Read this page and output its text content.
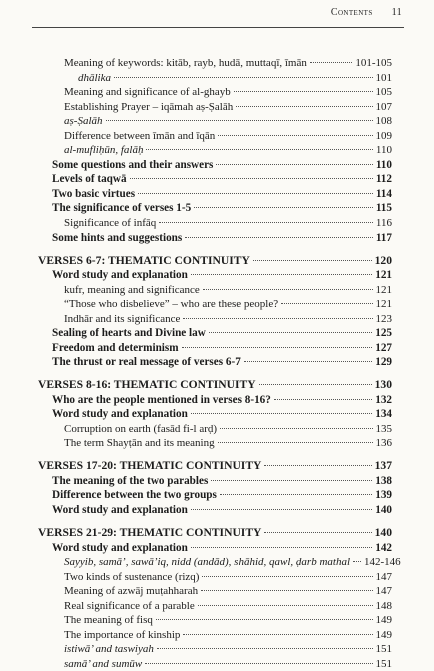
Contents 11
Meaning of keywords: kitāb, rayb, hudā, muttaqī, īmān	101-105
dhālika	101
Meaning and significance of al-ghayb	105
Establishing Prayer – iqāmah aṣ-Ṣalāh	107
aṣ-Ṣalāh	108
Difference between īmān and īqān	109
al-mufliḥūn, falāḥ	110
Some questions and their answers	110
Levels of taqwā	112
Two basic virtues	114
The significance of verses 1-5	115
Significance of infāq	116
Some hints and suggestions	117
VERSES 6-7: THEMATIC CONTINUITY	120
Word study and explanation	121
kufr, meaning and significance	121
“Those who disbelieve” – who are these people?	121
Indhār and its significance	123
Sealing of hearts and Divine law	125
Freedom and determinism	127
The thrust or real message of verses 6-7	129
VERSES 8-16: THEMATIC CONTINUITY	130
Who are the people mentioned in verses 8-16?	132
Word study and explanation	134
Corruption on earth (fasād fi-l arḍ)	135
The term Shayṭān and its meaning	136
VERSES 17-20: THEMATIC CONTINUITY	137
The meaning of the two parables	138
Difference between the two groups	139
Word study and explanation	140
VERSES 21-29: THEMATIC CONTINUITY	140
Word study and explanation	142
Sayyib, samā’, sawā’iq, nidd (andād), shāhid, qawl, ḍarb mathal 142-146
Two kinds of sustenance (rizq)	147
Meaning of azwāj muṭahharah	147
Real significance of a parable	148
The meaning of fisq	149
The importance of kinship	149
istiwā’ and taswiyah	151
samā’ and sumūw	151
